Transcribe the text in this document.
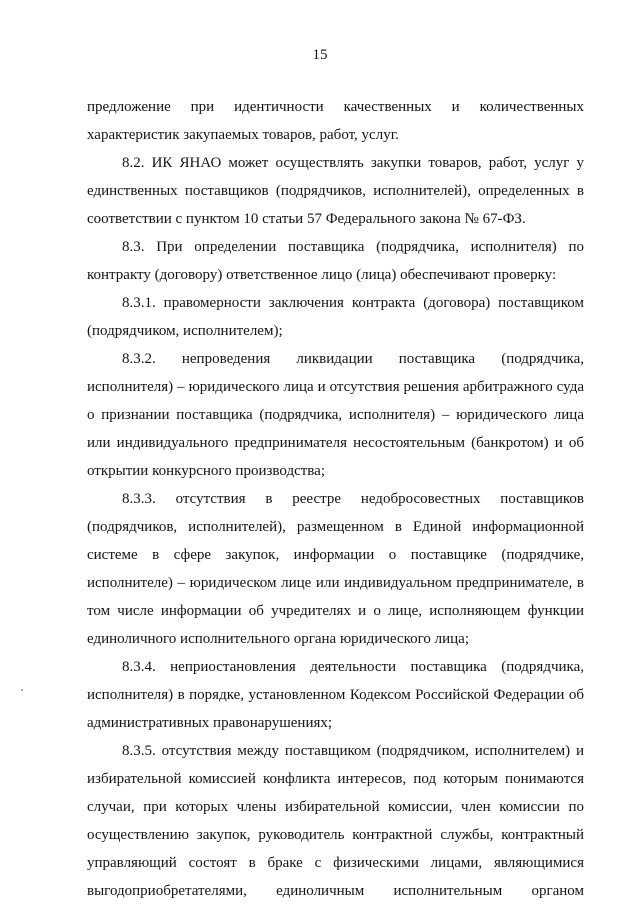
15
предложение при идентичности качественных и количественных
характеристик закупаемых товаров, работ, услуг.
8.2. ИК ЯНАО может осуществлять закупки товаров, работ, услуг у
единственных поставщиков (подрядчиков, исполнителей), определенных в
соответствии с пунктом 10 статьи 57 Федерального закона № 67-ФЗ.
8.3. При определении поставщика (подрядчика, исполнителя) по
контракту (договору) ответственное лицо (лица) обеспечивают проверку:
8.3.1. правомерности заключения контракта (договора) поставщиком
(подрядчиком, исполнителем);
8.3.2. непроведения ликвидации поставщика (подрядчика,
исполнителя) – юридического лица и отсутствия решения арбитражного суда
о признании поставщика (подрядчика, исполнителя) – юридического лица
или индивидуального предпринимателя несостоятельным (банкротом) и об
открытии конкурсного производства;
8.3.3. отсутствия в реестре недобросовестных поставщиков
(подрядчиков, исполнителей), размещенном в Единой информационной
системе в сфере закупок, информации о поставщике (подрядчике,
исполнителе) – юридическом лице или индивидуальном предпринимателе, в
том числе информации об учредителях и о лице, исполняющем функции
единоличного исполнительного органа юридического лица;
8.3.4. неприостановления деятельности поставщика (подрядчика,
исполнителя) в порядке, установленном Кодексом Российской Федерации об
административных правонарушениях;
8.3.5. отсутствия между поставщиком (подрядчиком, исполнителем) и
избирательной комиссией конфликта интересов, под которым понимаются
случаи, при которых члены избирательной комиссии, член комиссии по
осуществлению закупок, руководитель контрактной службы, контрактный
управляющий состоят в браке с физическими лицами, являющимися
выгодоприобретателями, единоличным исполнительным органом
